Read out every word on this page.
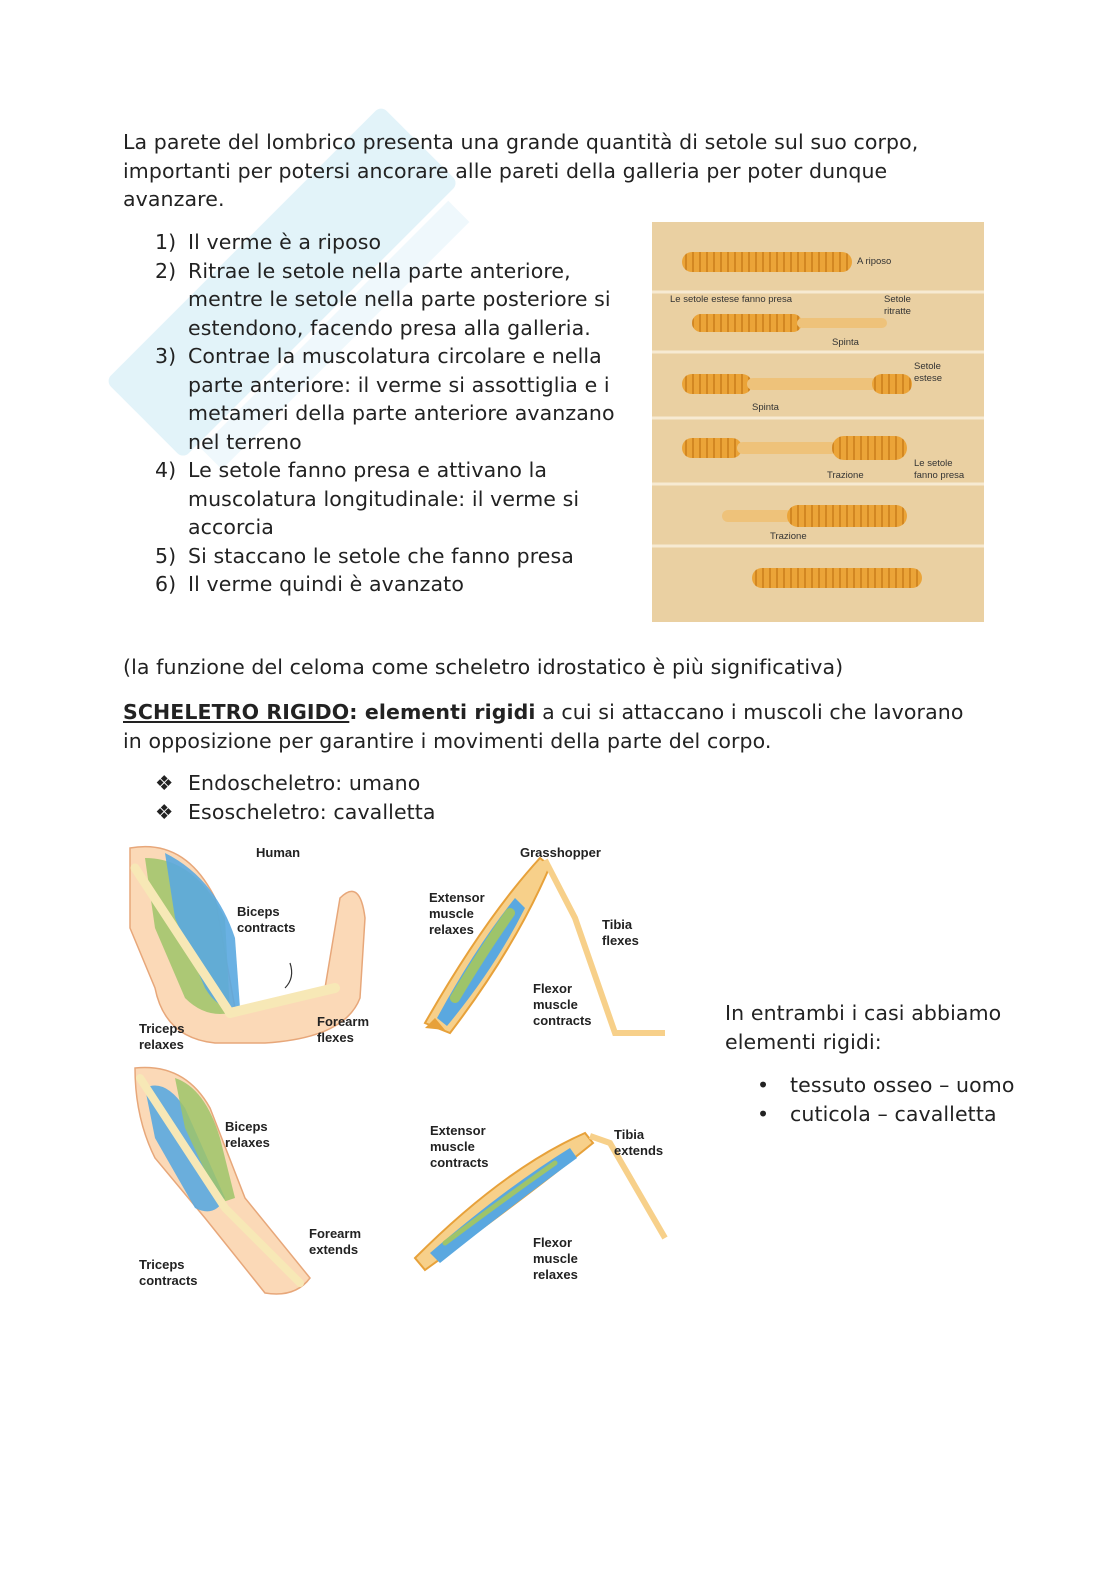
La parete del lombrico presenta una grande quantità di setole sul suo corpo, importanti per potersi ancorare alle pareti della galleria per poter dunque avanzare.

1) Il verme è a riposo
2) Ritrae le setole nella parte anteriore, mentre le setole nella parte posteriore si estendono, facendo presa alla galleria.
3) Contrae la muscolatura circolare e nella parte anteriore: il verme si assottiglia e i metameri della parte anteriore avanzano nel terreno
4) Le setole fanno presa e attivano la muscolatura longitudinale: il verme si accorcia
5) Si staccano le setole che fanno presa
6) Il verme quindi è avanzato
A riposo
Le setole estese fanno presa	Setole
ritratte
Spinta
Setole
estese
Spinta
Trazione
Le setole
fanno presa
Trazione

(la funzione del celoma come scheletro idrostatico è più significativa)

SCHELETRO RIGIDO: elementi rigidi a cui si attaccano i muscoli che lavorano in opposizione per garantire i movimenti della parte del corpo.

❖ Endoscheletro: umano
❖ Esoscheletro: cavalletta
Human
Biceps
contracts
Triceps
relaxes
Forearm
flexes
Biceps
relaxes
Triceps
contracts
Forearm
extends
Grasshopper
Extensor
muscle
relaxes	Tibia
flexes
Flexor
muscle
contracts
Extensor
muscle
contracts
Tibia
extends
Flexor
muscle
relaxes

In entrambi i casi abbiamo elementi rigidi:

• tessuto osseo – uomo
• cuticola – cavalletta
